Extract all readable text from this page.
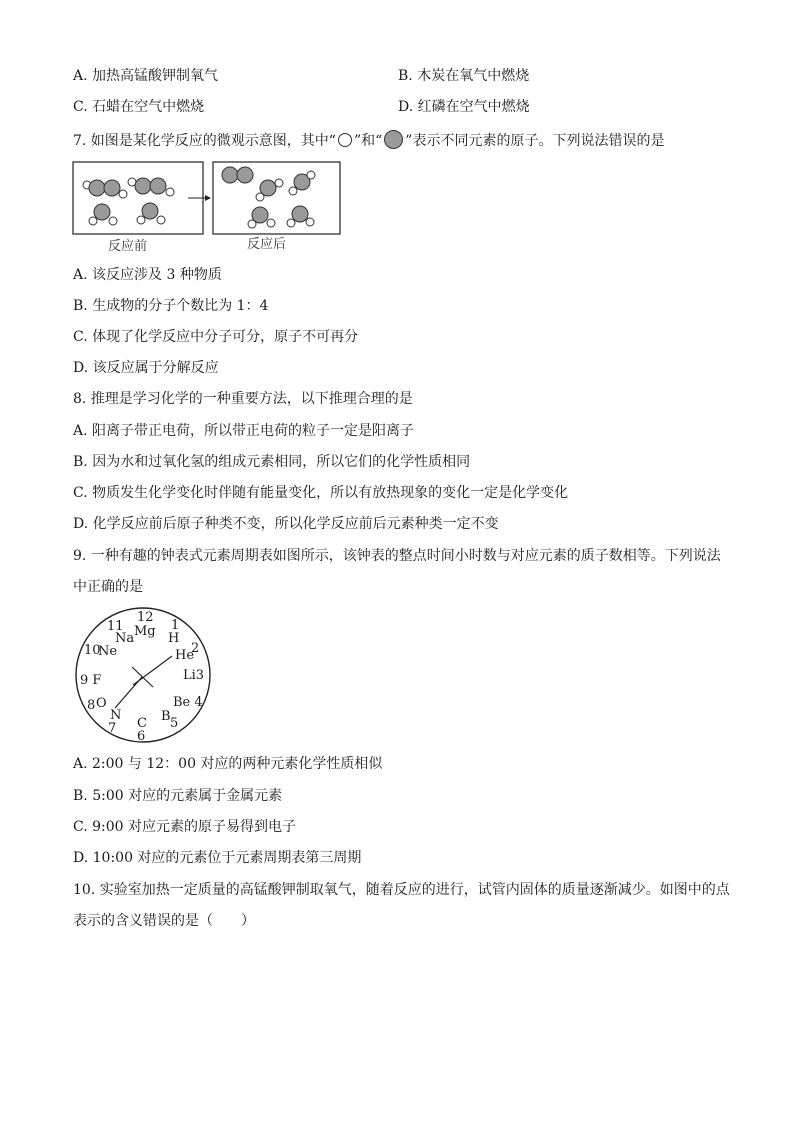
A. 加热高锰酸钾制氧气	B. 木炭在氧气中燃烧
C. 石蜡在空气中燃烧	D. 红磷在空气中燃烧
7. 如图是某化学反应的微观示意图，其中“ ”和“ ”表示不同元素的原子。下列说法错误的是
反应前	反应后
A. 该反应涉及 3 种物质
B. 生成物的分子个数比为 1：4
C. 体现了化学反应中分子可分，原子不可再分
D. 该反应属于分解反应
8. 推理是学习化学的一种重要方法，以下推理合理的是
A. 阳离子带正电荷，所以带正电荷的粒子一定是阳离子
B. 因为水和过氧化氢的组成元素相同，所以它们的化学性质相同
C. 物质发生化学变化时伴随有能量变化，所以有放热现象的变化一定是化学变化
D. 化学反应前后原子种类不变，所以化学反应前后元素种类一定不变
9. 一种有趣的钟表式元素周期表如图所示，该钟表的整点时间小时数与对应元素的质子数相等。下列说法
中正确的是
12
Mg 1
H
He
2
Li3
Be 4
B 5
C
6
N
7
8 O
9 F
10
Ne
11
Na
A. 2:00 与 12：00 对应的两种元素化学性质相似
B. 5:00 对应的元素属于金属元素
C. 9:00 对应元素的原子易得到电子
D. 10:00 对应的元素位于元素周期表第三周期
10. 实验室加热一定质量的高锰酸钾制取氧气，随着反应的进行，试管内固体的质量逐渐减少。如图中的点
表示的含义错误的是（　　）
